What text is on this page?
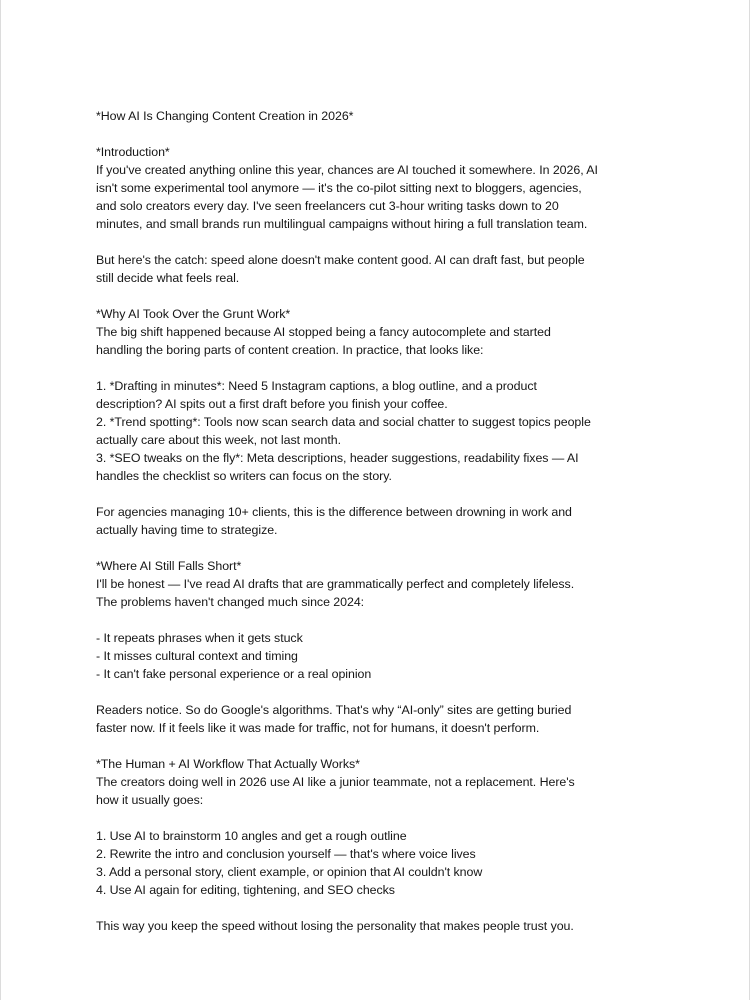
*How AI Is Changing Content Creation in 2026*
*Introduction*
If you've created anything online this year, chances are AI touched it somewhere. In 2026, AI
isn't some experimental tool anymore — it's the co-pilot sitting next to bloggers, agencies,
and solo creators every day. I've seen freelancers cut 3-hour writing tasks down to 20
minutes, and small brands run multilingual campaigns without hiring a full translation team.
But here's the catch: speed alone doesn't make content good. AI can draft fast, but people
still decide what feels real.
*Why AI Took Over the Grunt Work*
The big shift happened because AI stopped being a fancy autocomplete and started
handling the boring parts of content creation. In practice, that looks like:
1. *Drafting in minutes*: Need 5 Instagram captions, a blog outline, and a product
description? AI spits out a first draft before you finish your coffee.
2. *Trend spotting*: Tools now scan search data and social chatter to suggest topics people
actually care about this week, not last month.
3. *SEO tweaks on the fly*: Meta descriptions, header suggestions, readability fixes — AI
handles the checklist so writers can focus on the story.
For agencies managing 10+ clients, this is the difference between drowning in work and
actually having time to strategize.
*Where AI Still Falls Short*
I'll be honest — I've read AI drafts that are grammatically perfect and completely lifeless.
The problems haven't changed much since 2024:
- It repeats phrases when it gets stuck
- It misses cultural context and timing
- It can't fake personal experience or a real opinion
Readers notice. So do Google's algorithms. That's why “AI-only” sites are getting buried
faster now. If it feels like it was made for traffic, not for humans, it doesn't perform.
*The Human + AI Workflow That Actually Works*
The creators doing well in 2026 use AI like a junior teammate, not a replacement. Here's
how it usually goes:
1. Use AI to brainstorm 10 angles and get a rough outline
2. Rewrite the intro and conclusion yourself — that's where voice lives
3. Add a personal story, client example, or opinion that AI couldn't know
4. Use AI again for editing, tightening, and SEO checks
This way you keep the speed without losing the personality that makes people trust you.
